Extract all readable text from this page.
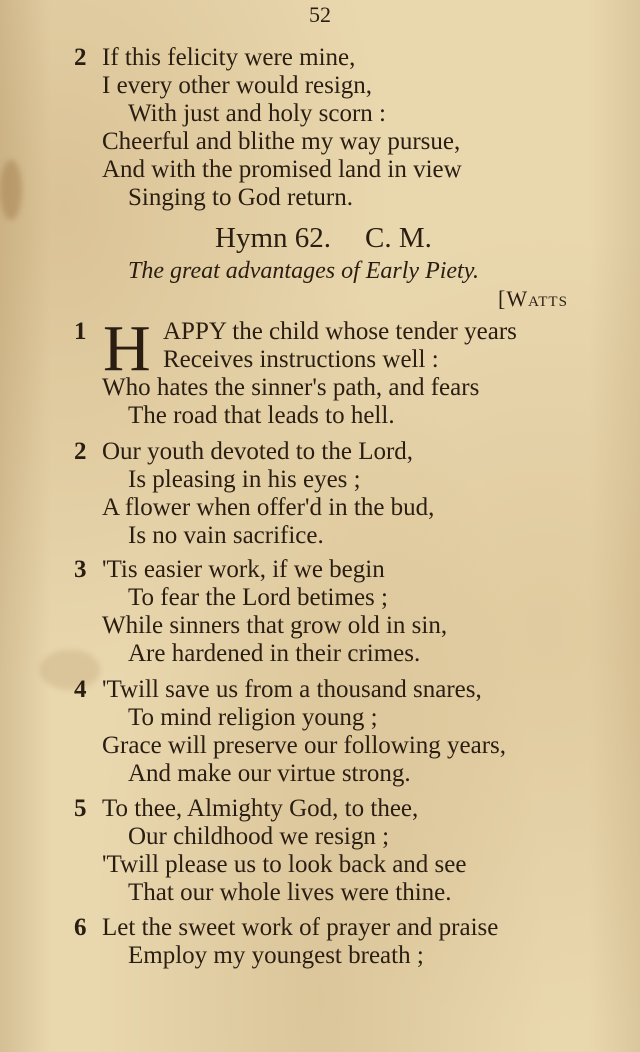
52
2 If this felicity were mine,
I every other would resign,
With just and holy scorn :
Cheerful and blithe my way pursue,
And with the promised land in view
Singing to God return.
Hymn 62. C. M.
The great advantages of Early Piety.
[Watts
1 H APPY the child whose tender years
Receives instructions well :
Who hates the sinner's path, and fears
The road that leads to hell.
2 Our youth devoted to the Lord,
Is pleasing in his eyes ;
A flower when offer'd in the bud,
Is no vain sacrifice.
3 'Tis easier work, if we begin
To fear the Lord betimes ;
While sinners that grow old in sin,
Are hardened in their crimes.
4 'Twill save us from a thousand snares,
To mind religion young ;
Grace will preserve our following years,
And make our virtue strong.
5 To thee, Almighty God, to thee,
Our childhood we resign ;
'Twill please us to look back and see
That our whole lives were thine.
6 Let the sweet work of prayer and praise
Employ my youngest breath ;
